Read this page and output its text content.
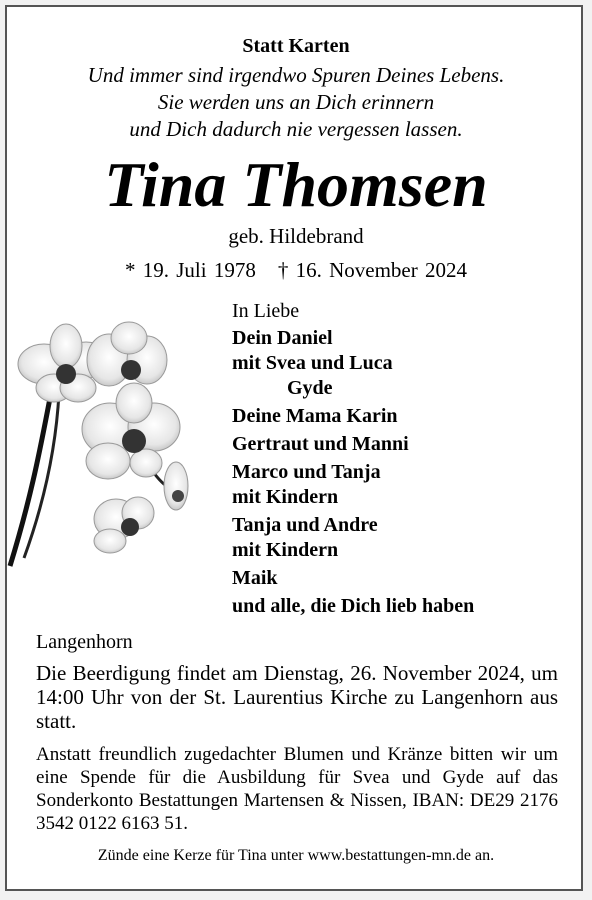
Statt Karten
Und immer sind irgendwo Spuren Deines Lebens.
Sie werden uns an Dich erinnern
und Dich dadurch nie vergessen lassen.
Tina Thomsen
geb. Hildebrand
* 19. Juli 1978 † 16. November 2024
In Liebe
Dein Daniel
mit Svea und Luca
Gyde
Deine Mama Karin
Gertraut und Manni
Marco und Tanja
mit Kindern
Tanja und Andre
mit Kindern
Maik
und alle, die Dich lieb haben
Langenhorn
Die Beerdigung findet am Dienstag, 26. November 2024, um 14:00 Uhr von der St. Laurentius Kirche zu Langenhorn aus statt.
Anstatt freundlich zugedachter Blumen und Kränze bitten wir um eine Spende für die Ausbildung für Svea und Gyde auf das Sonderkonto Bestattungen Martensen & Nissen, IBAN: DE29 2176 3542 0122 6163 51.
Zünde eine Kerze für Tina unter www.bestattungen-mn.de an.
